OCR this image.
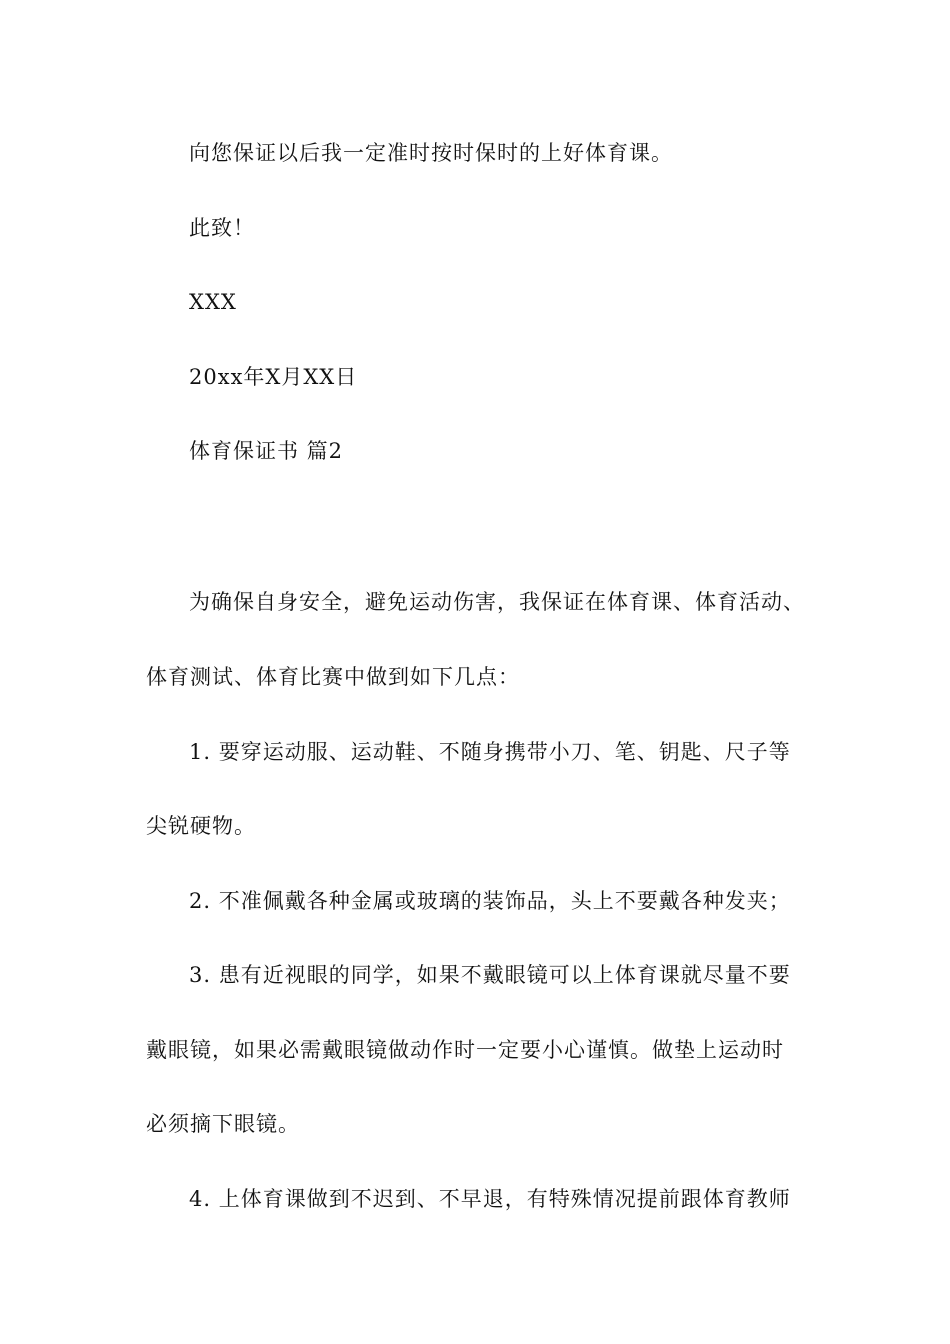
向您保证以后我一定准时按时保时的上好体育课。
此致！
XXX
20xx年X月XX日
体育保证书 篇2
为确保自身安全，避免运动伤害，我保证在体育课、体育活动、
体育测试、体育比赛中做到如下几点：
1. 要穿运动服、运动鞋、不随身携带小刀、笔、钥匙、尺子等
尖锐硬物。
2. 不准佩戴各种金属或玻璃的装饰品，头上不要戴各种发夹；
3. 患有近视眼的同学，如果不戴眼镜可以上体育课就尽量不要
戴眼镜，如果必需戴眼镜做动作时一定要小心谨慎。做垫上运动时
必须摘下眼镜。
4. 上体育课做到不迟到、不早退，有特殊情况提前跟体育教师
